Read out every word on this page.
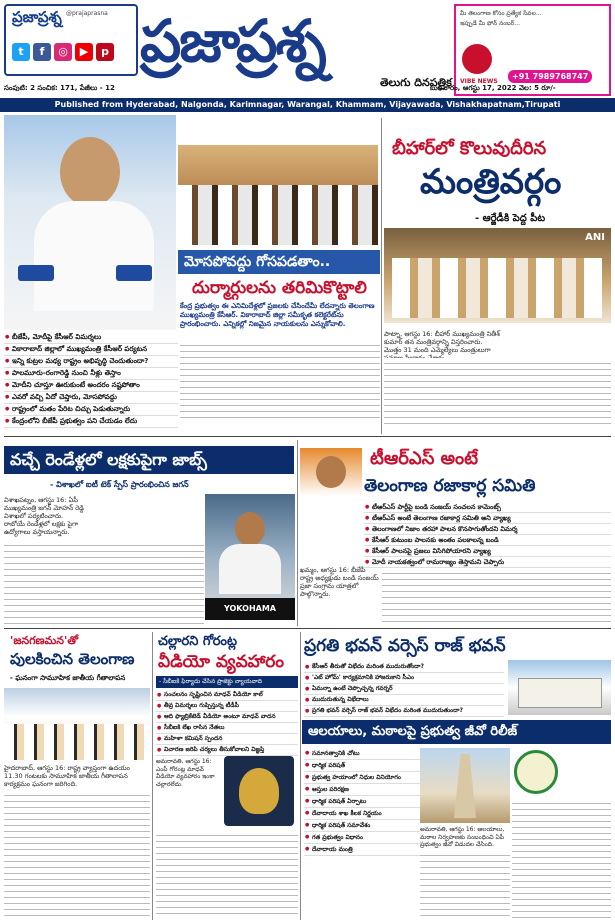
ప్రజాప్రశ్న @prajaprasna
t f ◎ ▶ p ప్రజాప్రశ్న
తెలుగు దినపత్రిక
మీ తెలంగాణ కోసం ప్రత్యేక సేవల...
ఇప్పుడే మీ ఫోన్ నంబర్...
VIBE NEWS
+91 7989768747
సంపుటి: 2 సంచిక: 171, పేజీలు - 12	బుధవారం, ఆగస్టు 17, 2022 వెల: 5 రూ/-
Published from Hyderabad, Nalgonda, Karimnagar, Warangal, Khammam, Vijayawada, Vishakhapatnam,Tirupati
మోసపోవద్దు గోసపడతాం..
దుర్మార్గులను తరిమికొట్టాలి
కేంద్ర ప్రభుత్వం ఈ ఎనిమిదేళ్లలో ప్రజలకు చేసిందేమీ లేదన్నారు తెలంగాణ ముఖ్యమంత్రి కేసీఆర్. వికారాబాద్ జిల్లా సమీకృత కలెక్టరేట్‌ను ప్రారంభించారు. ఎన్నికల్లో నిజమైన నాయకులను ఎన్నుకోవాలి.
● బీజేపీ, మోదీపై కేసీఆర్ విమర్శలు
● వికారాబాద్ జిల్లాలో ముఖ్యమంత్రి కేసీఆర్ పర్యటన
● ఇన్ని కుట్రల మధ్య రాష్ట్రం అభివృద్ధి చెందుతుందా?
● పాలమూరు-రంగారెడ్డి నుంచి నీళ్లు తెస్తాం
● మోదీని చూస్తూ ఊరుకుంటే అందరం నష్టపోతాం
● ఎవరో వచ్చి ఏదో చెప్తారు, మోసపోవద్దు
● రాష్ట్రంలో మతం పేరిట చిచ్చు పెడుతున్నారు
● కేంద్రంలోని బీజేపీ ప్రభుత్వం పని చేయడం లేదు
బీహార్‌లో కొలువుదీరిన
మంత్రివర్గం
- ఆర్జేడీకి పెద్ద పీట
ANI
పాట్నా, ఆగస్టు 16: బీహార్ ముఖ్యమంత్రి నితీశ్ కుమార్ తన మంత్రివర్గాన్ని విస్తరించారు. మొత్తం 31 మంది ఎమ్మెల్యేలు మంత్రులుగా
వచ్చే రెండేళ్లలో లక్షకుపైగా జాబ్స్
- విశాఖలో ఐటీ టెక్ స్పేస్ ప్రారంభించిన జగన్
విశాఖపట్నం, ఆగస్టు 16: ఏపీ ముఖ్యమంత్రి జగన్ మోహన్ రెడ్డి విశాఖలో పర్యటించారు. రాబోయే రెండేళ్లలో లక్షకు పైగా ఉద్యోగాలు వస్తాయన్నారు.
YOKOHAMA
టీఆర్ఎస్ అంటే
తెలంగాణ రజాకార్ల సమితి
● టీఆర్ఎస్ పార్టీపై బండి సంజయ్ సంచలన కామెంట్స్
● టీఆర్ఎస్ అంటే తెలంగాణ రజాకార్ల సమితి అని వ్యాఖ్య
● తెలంగాణలో నిజాం తరహా పాలన కొనసాగుతోందని విమర్శ
● కేసీఆర్ కుటుంబ పాలనకు అంతం పలకాలన్న బండి
● కేసీఆర్ పాలనపై ప్రజలు విసిగిపోయారని వ్యాఖ్య
● మోదీ నాయకత్వంలో రామరాజ్యం తెస్తామని చెప్పారు
ఖమ్మం, ఆగస్టు 16: బీజేపీ రాష్ట్ర అధ్యక్షుడు బండి సంజయ్ ప్రజా సంగ్రామ యాత్రలో పాల్గొన్నారు.
'జనగణమన'తో
పులకించిన తెలంగాణ
- ఘనంగా సామూహిక జాతీయ గీతాలాపన
హైదరాబాద్, ఆగస్టు 16: రాష్ట్ర వ్యాప్తంగా ఉదయం 11.30 గంటలకు సామూహిక జాతీయ గీతాలాపన కార్యక్రమం ఘనంగా జరిగింది.
చల్లారని గోరంట్ల
వీడియో వ్యవహారం
- సీబీఐకి ఫిర్యాదు చేసిన ప్రాజెక్టు న్యాయవాది
● సంచలనం సృష్టించిన మాధవ్ వీడియో కాల్
● తీవ్ర విమర్శలు గుప్పిస్తున్న టీడీపీ
● ఆది ఫ్యాబ్రికేటెడ్ వీడియో అంటూ మాధవ్ వాదన
● సీబీఐకి లేఖ రాసిన నేతలు
● మహిళా కమిషన్ స్పందన
● విచారణ జరిపి చర్యలు తీసుకోవాలని విజ్ఞప్తి
అమరావతి, ఆగస్టు 16: ఎంపీ గోరంట్ల మాధవ్ వీడియో వ్యవహారం ఇంకా చల్లారలేదు.
ప్రగతి భవన్ వర్సెస్ రాజ్ భవన్
● కేసీఆర్ తీరుతో విభేదం మరింత ముదురుతోందా?
● 'ఎట్ హోమ్' కార్యక్రమానికి హాజరుకాని సీఎం
● ఏమన్నా ఉంటే చెప్పొచ్చన్న గవర్నర్
● ముదురుతున్న విభేదాలు
● ప్రగతి భవన్ వర్సెస్ రాజ్ భవన్ విభేదం మరింత ముదురుతుందా?
ఆలయాలు, మఠాలపై ప్రభుత్వ జీవో రిలీజ్
● సమానత్వానికి చోటు
● ధార్మిక పరిషత్
● ప్రభుత్వ హయాంలో నిధుల వినియోగం
● ఆస్తుల పరిరక్షణ
● ధార్మిక పరిషత్ ఏర్పాటు
● దేవాదాయ శాఖ కీలక నిర్ణయం
● ధార్మిక పరిషత్ సమావేశం
● గత ప్రభుత్వం విధానం
● దేవాదాయ మంత్రి
అమరావతి, ఆగస్టు 16: ఆలయాలు, మఠాల నిర్వహణకు సంబంధించి ఏపీ ప్రభుత్వం జీవో విడుదల చేసింది.
